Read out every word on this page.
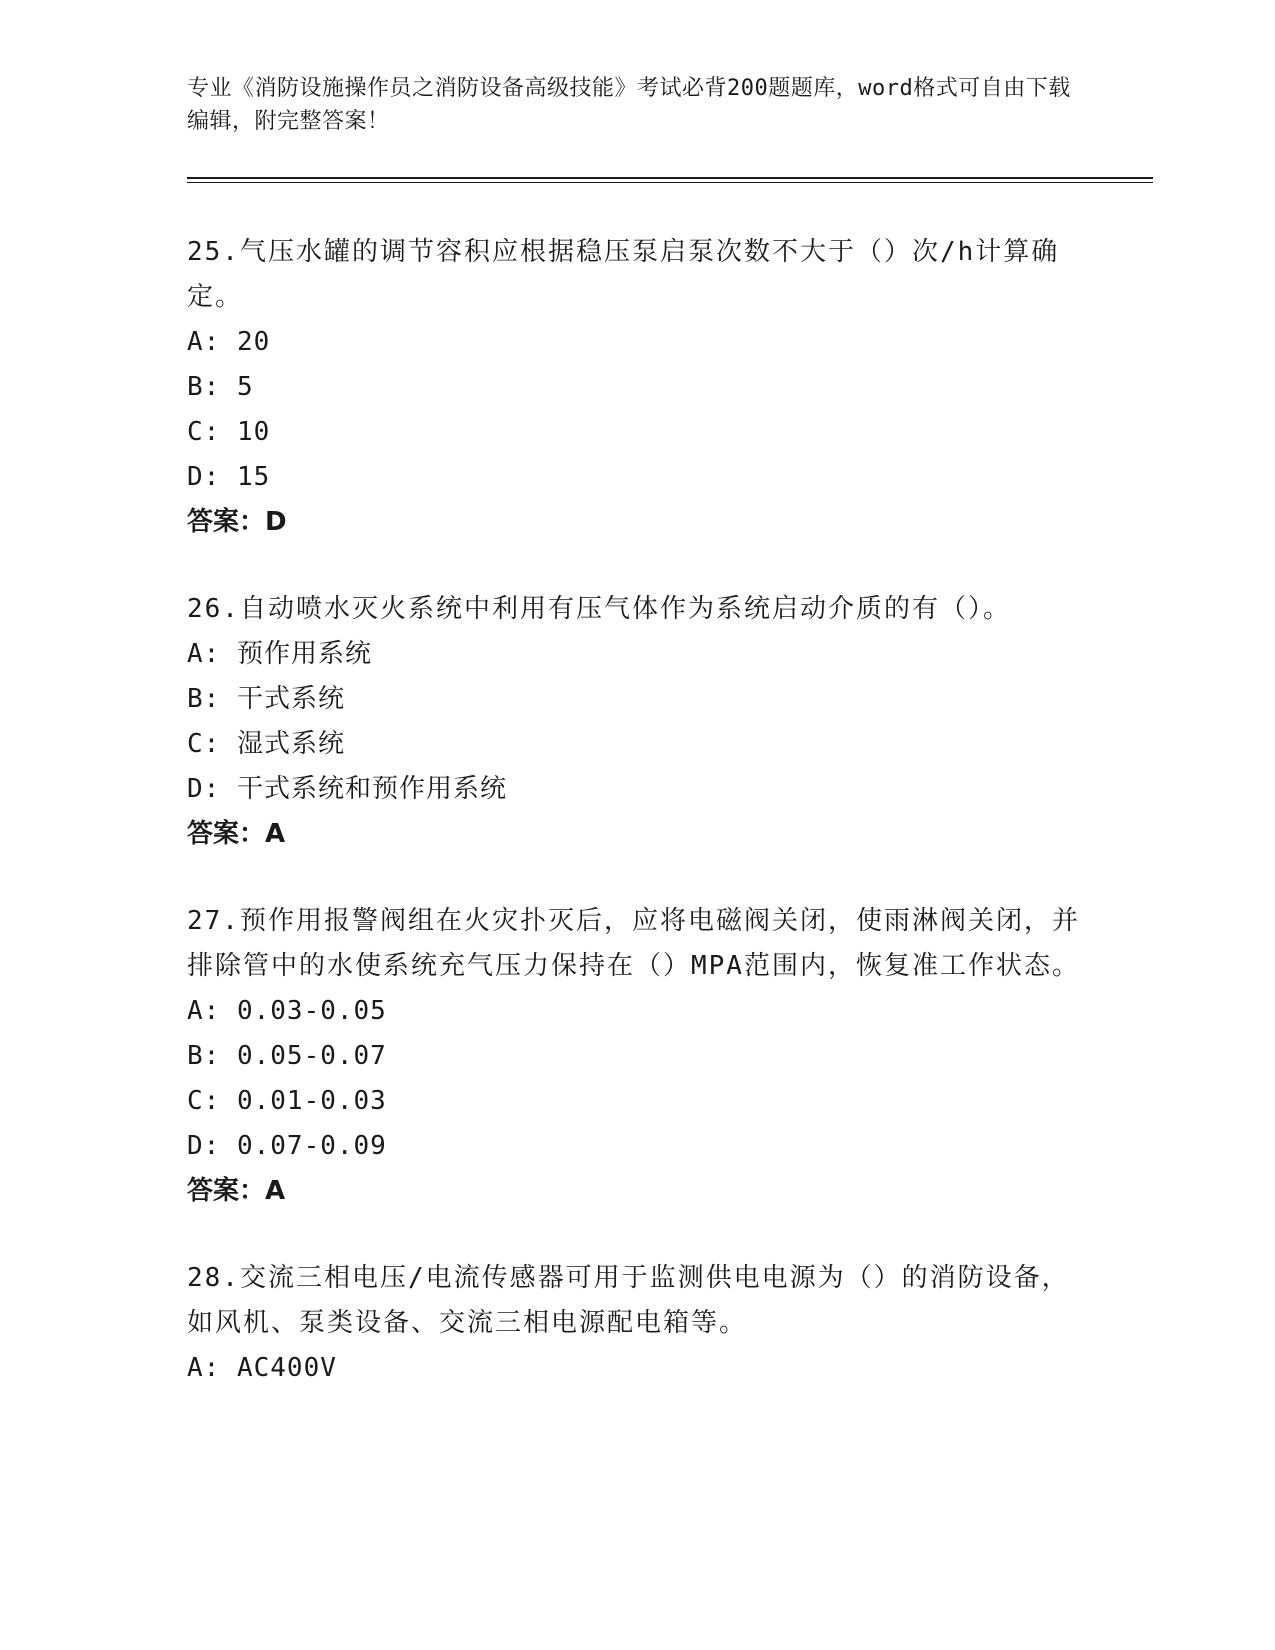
专业《消防设施操作员之消防设备高级技能》考试必背200题题库，word格式可自由下载编辑，附完整答案！
25.气压水罐的调节容积应根据稳压泵启泵次数不大于（）次/h计算确定。
A: 20
B: 5
C: 10
D: 15
答案：D
26.自动喷水灭火系统中利用有压气体作为系统启动介质的有（）。
A: 预作用系统
B: 干式系统
C: 湿式系统
D: 干式系统和预作用系统
答案：A
27.预作用报警阀组在火灾扑灭后，应将电磁阀关闭，使雨淋阀关闭，并排除管中的水使系统充气压力保持在（）MPA范围内，恢复准工作状态。
A: 0.03-0.05
B: 0.05-0.07
C: 0.01-0.03
D: 0.07-0.09
答案：A
28.交流三相电压/电流传感器可用于监测供电电源为（）的消防设备，如风机、泵类设备、交流三相电源配电箱等。
A: AC400V
